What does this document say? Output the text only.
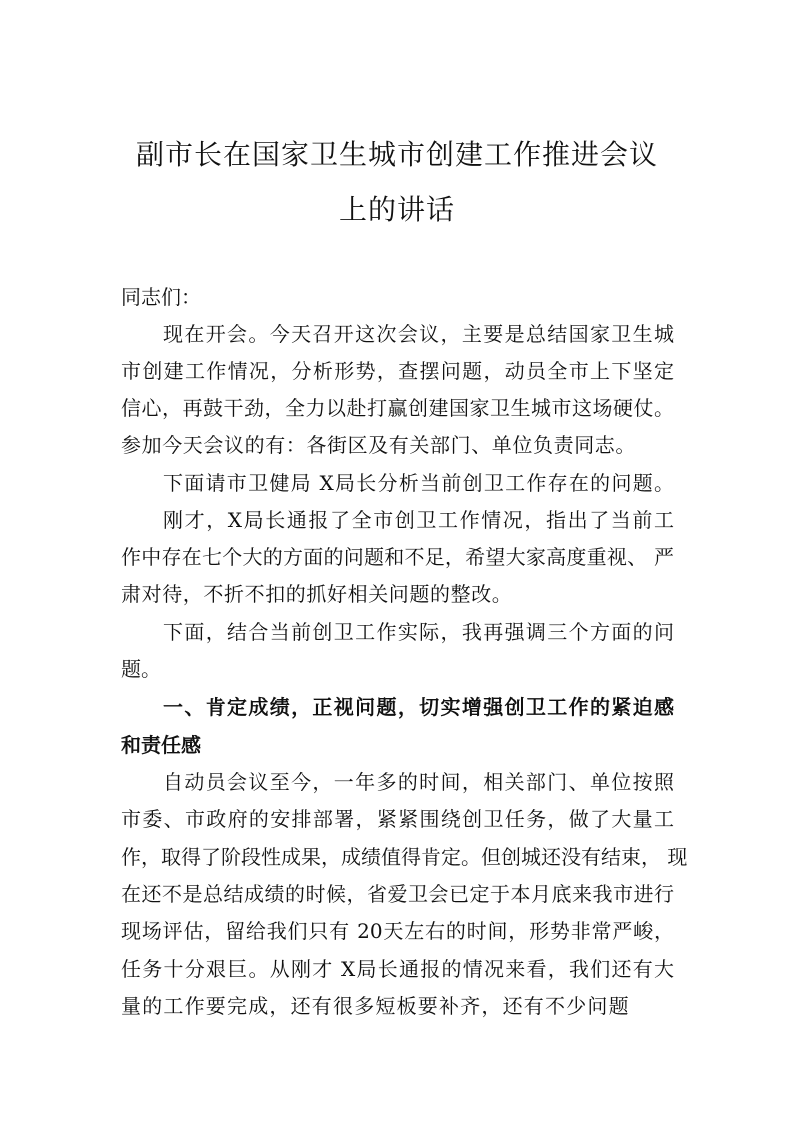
副市长在国家卫生城市创建工作推进会议
上的讲话
同志们：
现在开会。今天召开这次会议，主要是总结国家卫生城
市创建工作情况，分析形势，查摆问题，动员全市上下坚定
信心，再鼓干劲，全力以赴打赢创建国家卫生城市这场硬仗。
参加今天会议的有：各街区及有关部门、单位负责同志。
下面请市卫健局 X局长分析当前创卫工作存在的问题。
刚才，X局长通报了全市创卫工作情况，指出了当前工
作中存在七个大的方面的问题和不足，希望大家高度重视、 严
肃对待，不折不扣的抓好相关问题的整改。
下面，结合当前创卫工作实际，我再强调三个方面的问
题。
一、肯定成绩，正视问题，切实增强创卫工作的紧迫感
和责任感
自动员会议至今，一年多的时间，相关部门、单位按照
市委、市政府的安排部署，紧紧围绕创卫任务，做了大量工
作，取得了阶段性成果，成绩值得肯定。但创城还没有结束， 现
在还不是总结成绩的时候，省爱卫会已定于本月底来我市进行
现场评估，留给我们只有 20天左右的时间，形势非常严峻，
任务十分艰巨。从刚才 X局长通报的情况来看，我们还有大
量的工作要完成，还有很多短板要补齐，还有不少问题
